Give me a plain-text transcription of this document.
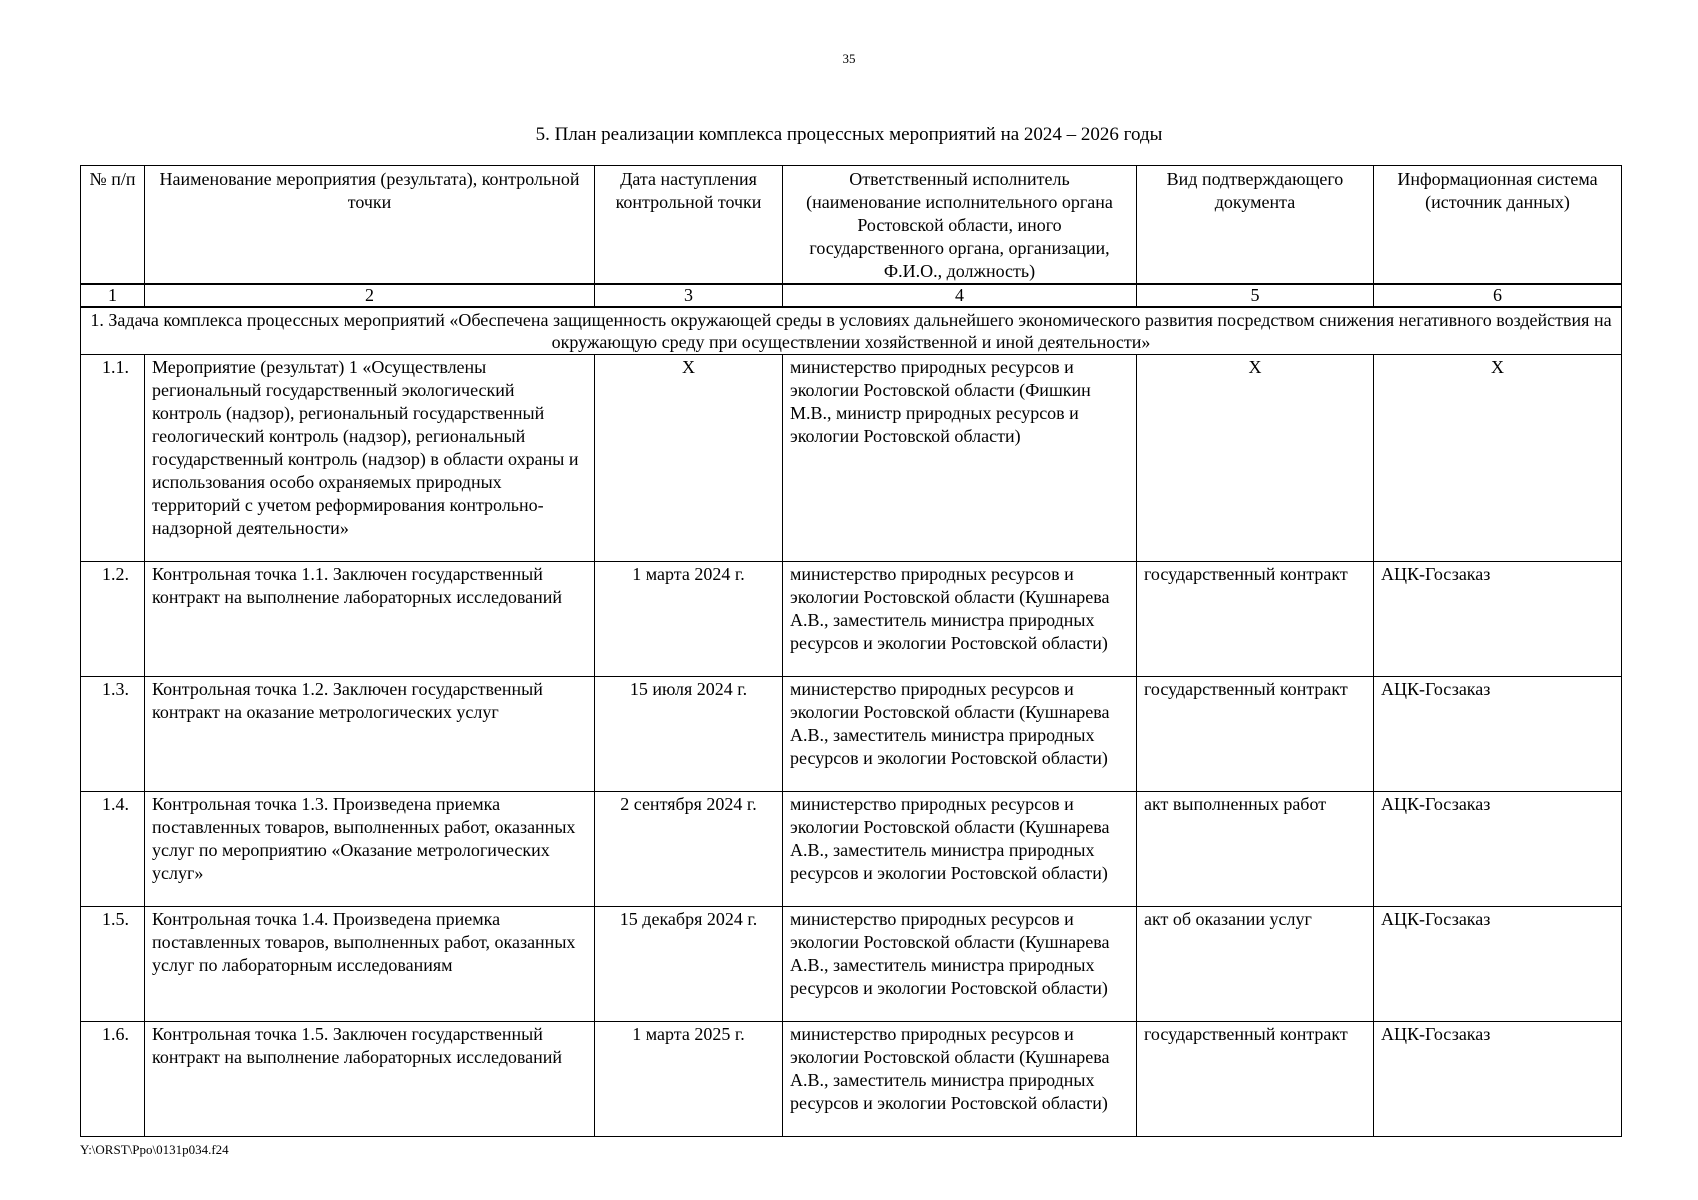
35
5. План реализации комплекса процессных мероприятий на 2024 – 2026 годы
№ п/п	Наименование мероприятия (результата), контрольной точки	Дата наступления контрольной точки	Ответственный исполнитель (наименование исполнительного органа Ростовской области, иного государственного органа, организации, Ф.И.О., должность)	Вид подтверждающего документа	Информационная система (источник данных)
1	2	3	4	5	6
1. Задача комплекса процессных мероприятий «Обеспечена защищенность окружающей среды в условиях дальнейшего экономического развития посредством снижения негативного воздействия на окружающую среду при осуществлении хозяйственной и иной деятельности»					
1.1.	Мероприятие (результат) 1 «Осуществлены региональный государственный экологический контроль (надзор), региональный государственный геологический контроль (надзор), региональный государственный контроль (надзор) в области охраны и использования особо охраняемых природных территорий с учетом реформирования контрольно-надзорной деятельности»	X	министерство природных ресурсов и экологии Ростовской области (Фишкин М.В., министр природных ресурсов и экологии Ростовской области)	X	X
1.2.	Контрольная точка 1.1. Заключен государственный контракт на выполнение лабораторных исследований	1 марта 2024 г.	министерство природных ресурсов и экологии Ростовской области (Кушнарева А.В., заместитель министра природных ресурсов и экологии Ростовской области)	государственный контракт	АЦК-Госзаказ
1.3.	Контрольная точка 1.2. Заключен государственный контракт на оказание метрологических услуг	15 июля 2024 г.	министерство природных ресурсов и экологии Ростовской области (Кушнарева А.В., заместитель министра природных ресурсов и экологии Ростовской области)	государственный контракт	АЦК-Госзаказ
1.4.	Контрольная точка 1.3. Произведена приемка поставленных товаров, выполненных работ, оказанных услуг по мероприятию «Оказание метрологических услуг»	2 сентября 2024 г.	министерство природных ресурсов и экологии Ростовской области (Кушнарева А.В., заместитель министра природных ресурсов и экологии Ростовской области)	акт выполненных работ	АЦК-Госзаказ
1.5.	Контрольная точка 1.4. Произведена приемка поставленных товаров, выполненных работ, оказанных услуг по лабораторным исследованиям	15 декабря 2024 г.	министерство природных ресурсов и экологии Ростовской области (Кушнарева А.В., заместитель министра природных ресурсов и экологии Ростовской области)	акт об оказании услуг	АЦК-Госзаказ
1.6.	Контрольная точка 1.5. Заключен государственный контракт на выполнение лабораторных исследований	1 марта 2025 г.	министерство природных ресурсов и экологии Ростовской области (Кушнарева А.В., заместитель министра природных ресурсов и экологии Ростовской области)	государственный контракт	АЦК-Госзаказ
Y:\ORST\Ppo\0131p034.f24
